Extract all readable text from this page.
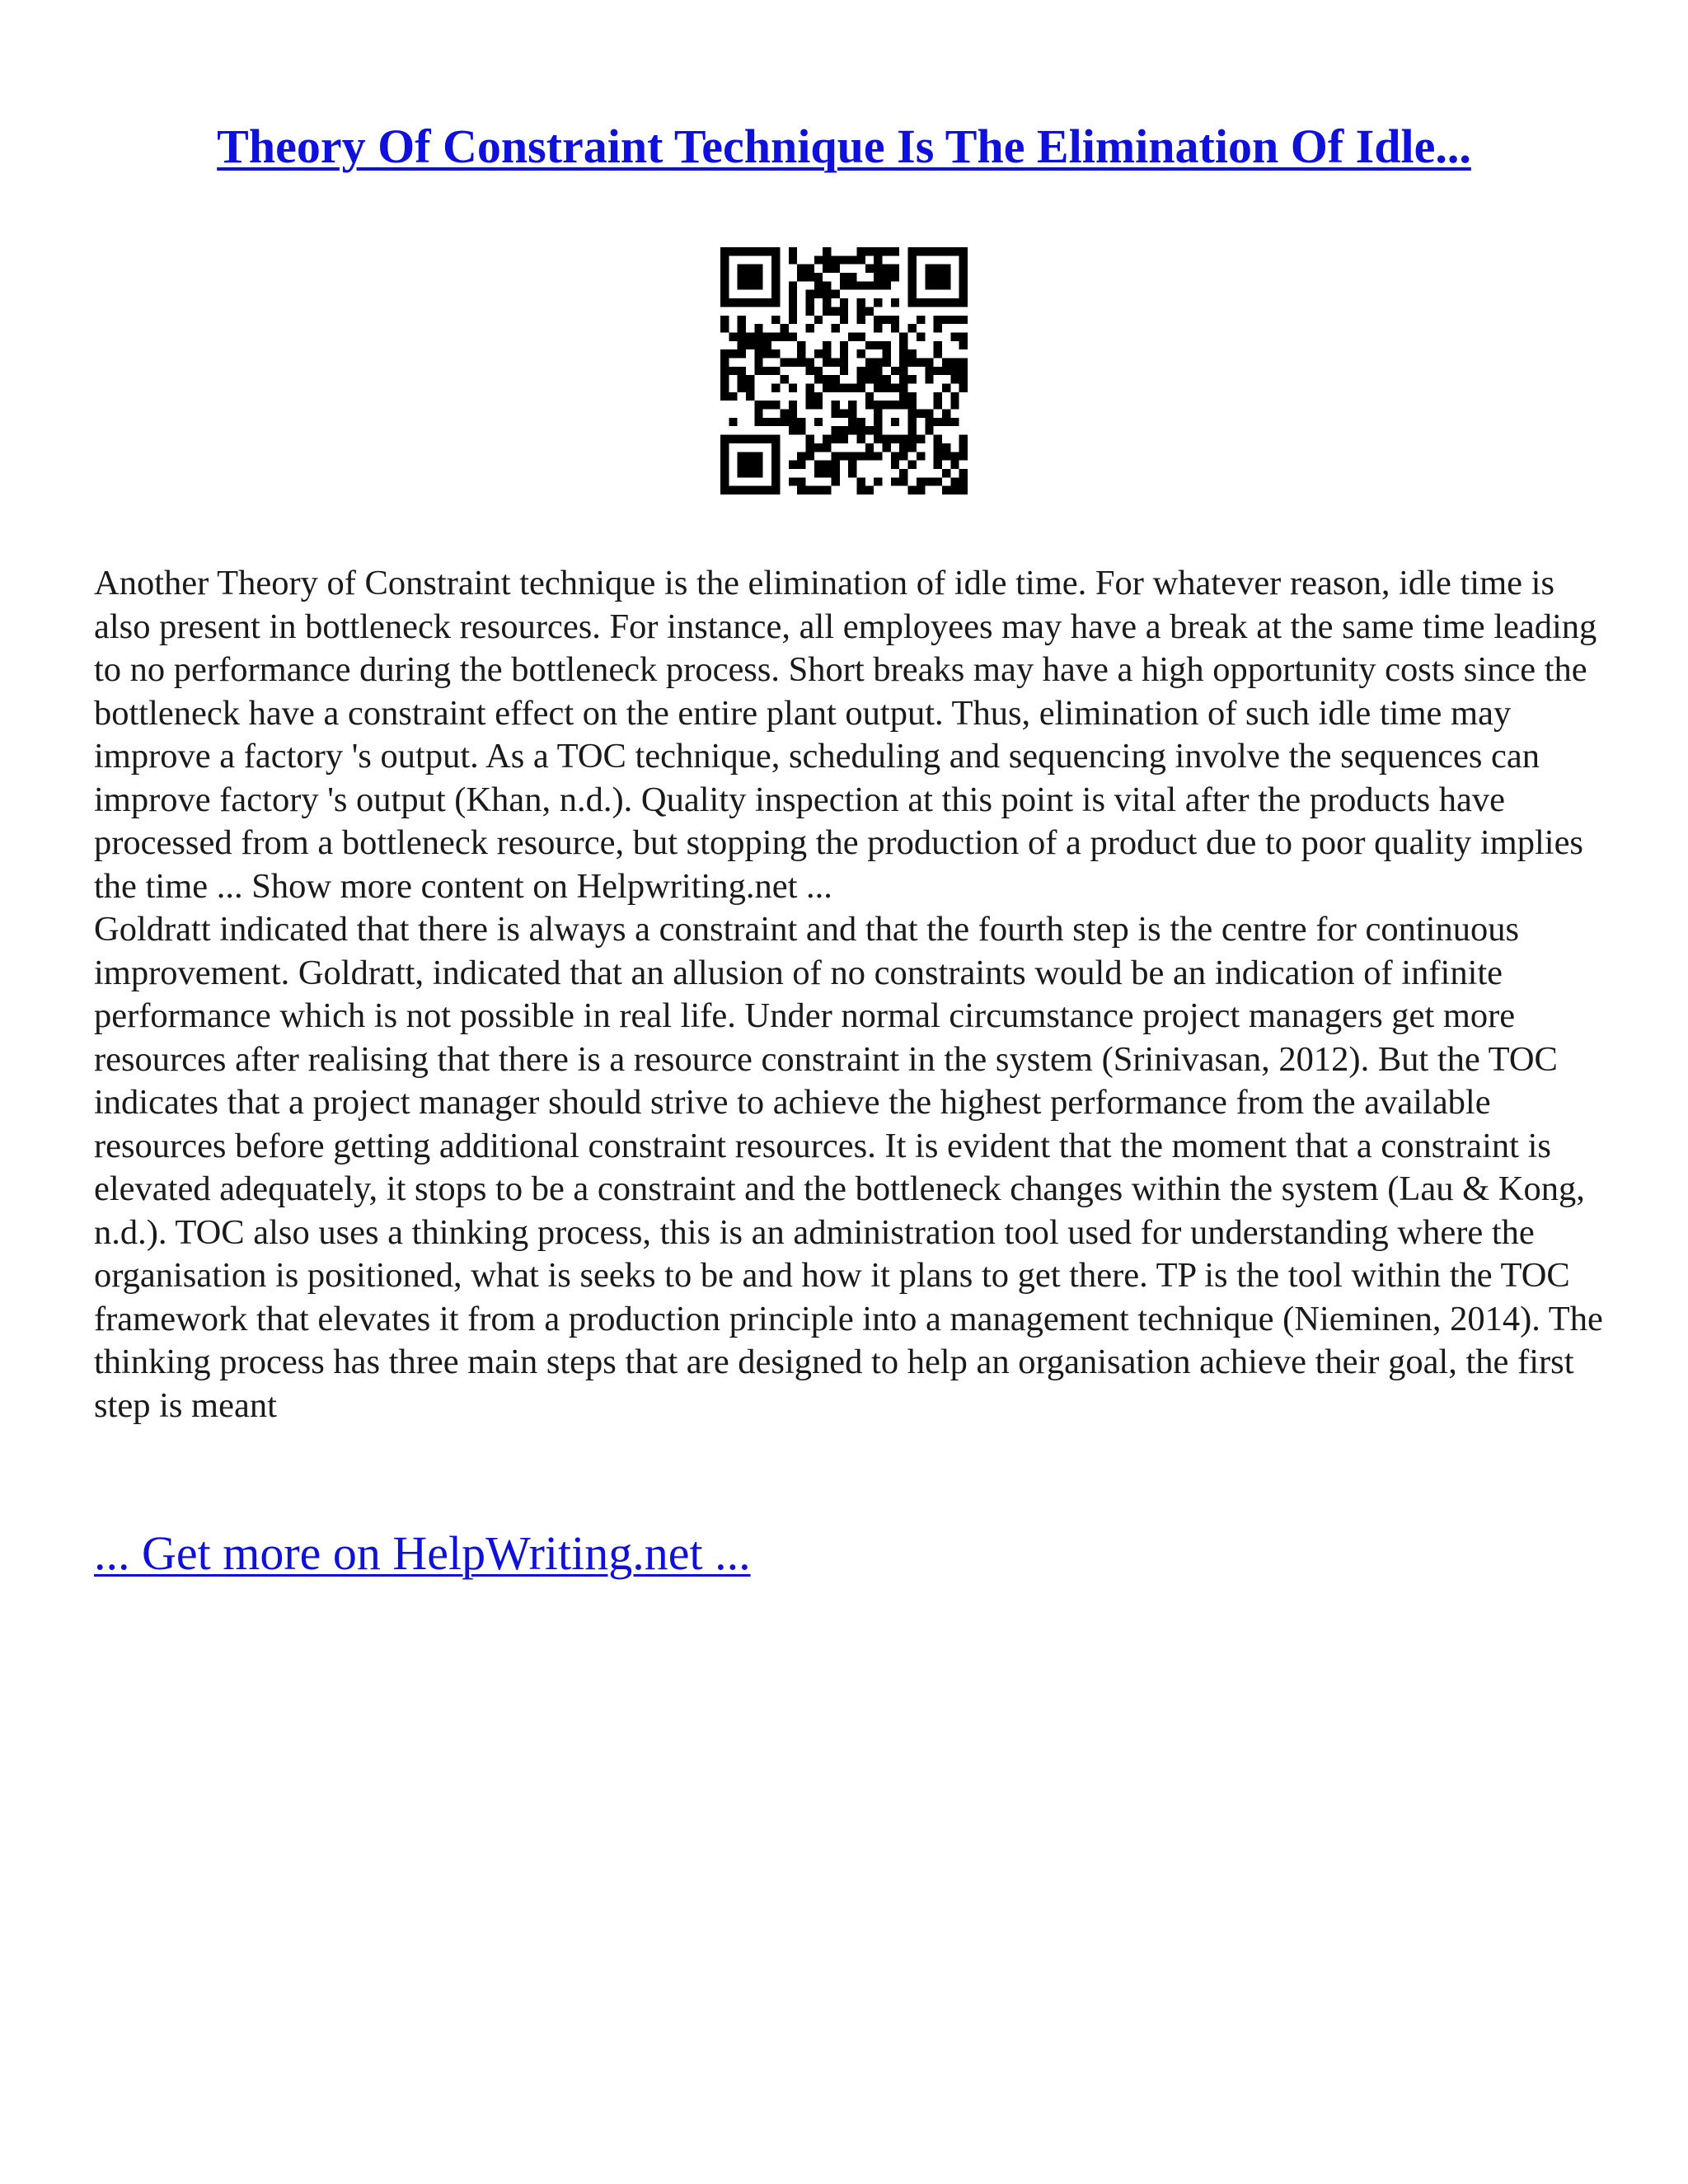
Theory Of Constraint Technique Is The Elimination Of Idle...

Another Theory of Constraint technique is the elimination of idle time. For whatever reason, idle time is also present in bottleneck resources. For instance, all employees may have a break at the same time leading to no performance during the bottleneck process. Short breaks may have a high opportunity costs since the bottleneck have a constraint effect on the entire plant output. Thus, elimination of such idle time may improve a factory 's output. As a TOC technique, scheduling and sequencing involve the sequences can improve factory 's output (Khan, n.d.). Quality inspection at this point is vital after the products have processed from a bottleneck resource, but stopping the production of a product due to poor quality implies the time ... Show more content on Helpwriting.net ...

Goldratt indicated that there is always a constraint and that the fourth step is the centre for continuous improvement. Goldratt, indicated that an allusion of no constraints would be an indication of infinite performance which is not possible in real life. Under normal circumstance project managers get more resources after realising that there is a resource constraint in the system (Srinivasan, 2012). But the TOC indicates that a project manager should strive to achieve the highest performance from the available resources before getting additional constraint resources. It is evident that the moment that a constraint is elevated adequately, it stops to be a constraint and the bottleneck changes within the system (Lau & Kong, n.d.). TOC also uses a thinking process, this is an administration tool used for understanding where the organisation is positioned, what is seeks to be and how it plans to get there. TP is the tool within the TOC framework that elevates it from a production principle into a management technique (Nieminen, 2014). The thinking process has three main steps that are designed to help an organisation achieve their goal, the first step is meant

... Get more on HelpWriting.net ...
